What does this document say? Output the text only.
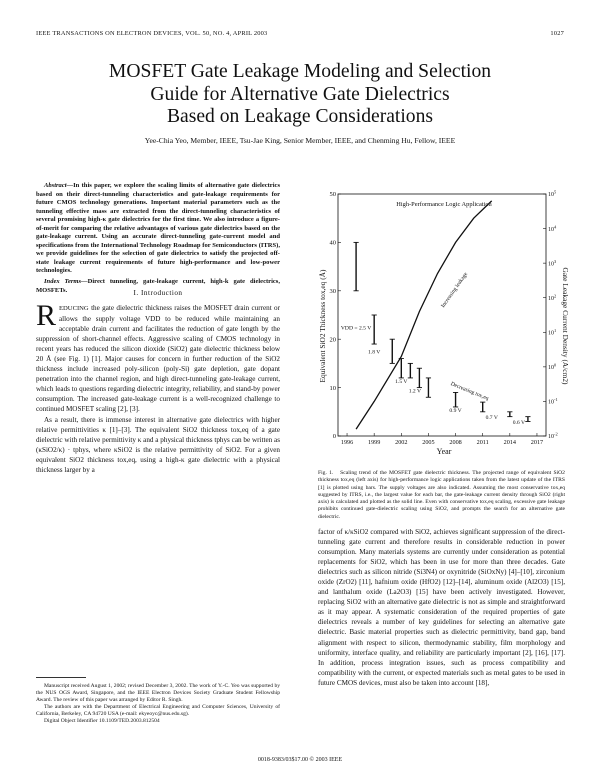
IEEE TRANSACTIONS ON ELECTRON DEVICES, VOL. 50, NO. 4, APRIL 2003	1027
MOSFET Gate Leakage Modeling and Selection
Guide for Alternative Gate Dielectrics
Based on Leakage Considerations
Yee-Chia Yeo, Member, IEEE, Tsu-Jae King, Senior Member, IEEE, and Chenming Hu, Fellow, IEEE

Abstract—In this paper, we explore the scaling limits of alternative gate dielectrics based on their direct-tunneling characteristics and gate-leakage requirements for future CMOS technology generations. Important material parameters such as the tunneling effective mass are extracted from the direct-tunneling characteristics of several promising high-κ gate dielectrics for the first time. We also introduce a figure-of-merit for comparing the relative advantages of various gate dielectrics based on the gate-leakage current. Using an accurate direct-tunneling gate-current model and specifications from the International Technology Roadmap for Semiconductors (ITRS), we provide guidelines for the selection of gate dielectrics to satisfy the projected off-state leakage current requirements of future high-performance and low-power technologies.

Index Terms—Direct tunneling, gate-leakage current, high-k gate dielectrics, MOSFETs.	I. Introduction

REDUCING the gate dielectric thickness raises the MOSFET drain current or allows the supply voltage VDD to be reduced while maintaining an acceptable drain current and facilitates the reduction of gate length by the suppression of short-channel effects. Aggressive scaling of CMOS technology in recent years has reduced the silicon dioxide (SiO2) gate dielectric thickness below 20 Å (see Fig. 1) [1]. Major causes for concern in further reduction of the SiO2 thickness include increased poly-silicon (poly-Si) gate depletion, gate dopant penetration into the channel region, and high direct-tunneling gate-leakage current, which leads to questions regarding dielectric integrity, reliability, and stand-by power consumption. The increased gate-leakage current is a well-recognized challenge to continued MOSFET scaling [2], [3].

As a result, there is immense interest in alternative gate dielectrics with higher relative permittivities κ [1]–[3]. The equivalent SiO2 thickness tox,eq of a gate dielectric with relative permittivity κ and a physical thickness tphys can be written as (κSiO2/κ) · tphys, where κSiO2 is the relative permittivity of SiO2. For a given equivalent SiO2 thickness tox,eq, using a high-κ gate dielectric with a physical thickness larger by a

Manuscript received August 1, 2002; revised December 3, 2002. The work of Y.-C. Yeo was supported by the NUS OGS Award, Singapore, and the IEEE Electron Devices Society Graduate Student Fellowship Award. The review of this paper was arranged by Editor R. Singh.

The authors are with the Department of Electrical Engineering and Computer Sciences, University of California, Berkeley, CA 94720 USA (e-mail: ekyeoyc@nus.edu.sg).

Digital Object Identifier 10.1109/TED.2003.812504

0
10
20
30
40
50
$10^{-2}$
$10^{-1}$
$10^0$
$10^1$
$10^2$
$10^3$
$10^4$
$10^5$
1996 1999 2002 2005 2008 2011 2014 2017
Increasing leakage
Decreasing tox,eq
VDD = 2.5 V
1.8 V
1.5 V
1.2 V
0.9 V
0.7 V
0.6 V
High-Performance Logic Application
Year
Equivalent SiO2 Thickness tox,eq (Å)	Gate Leakage Current Density (A/cm2)
Fig. 1. Scaling trend of the MOSFET gate dielectric thickness. The projected range of equivalent SiO2 thickness tox,eq (left axis) for high-performance logic applications taken from the latest update of the ITRS [1] is plotted using bars. The supply voltages are also indicated. Assuming the most conservative tox,eq suggested by ITRS, i.e., the largest value for each bar, the gate-leakage current density through SiO2 (right axis) is calculated and plotted as the solid line. Even with conservative tox,eq scaling, excessive gate leakage prohibits continued gate-dielectric scaling using SiO2, and prompts the search for an alternative gate dielectric.
factor of κ/κSiO2 compared with SiO2, achieves significant suppression of the direct-tunneling gate current and therefore results in considerable reduction in power consumption. Many materials systems are currently under consideration as potential replacements for SiO2, which has been in use for more than three decades. Gate dielectrics such as silicon nitride (Si3N4) or oxynitride (SiOxNy) [4]–[10], zirconium oxide (ZrO2) [11], hafnium oxide (HfO2) [12]–[14], aluminum oxide (Al2O3) [15], and lanthalum oxide (La2O3) [15] have been actively investigated. However, replacing SiO2 with an alternative gate dielectric is not as simple and straightforward as it may appear. A systematic consideration of the required properties of gate dielectrics reveals a number of key guidelines for selecting an alternative gate dielectric. Basic material properties such as dielectric permittivity, band gap, band alignment with respect to silicon, thermodynamic stability, film morphology and uniformity, interface quality, and reliability are particularly important [2], [16], [17]. In addition, process integration issues, such as process compatibility and compatibility with the current, or expected materials such as metal gates to be used in future CMOS devices, must also be taken into account [18],
0018-9383/03$17.00 © 2003 IEEE
